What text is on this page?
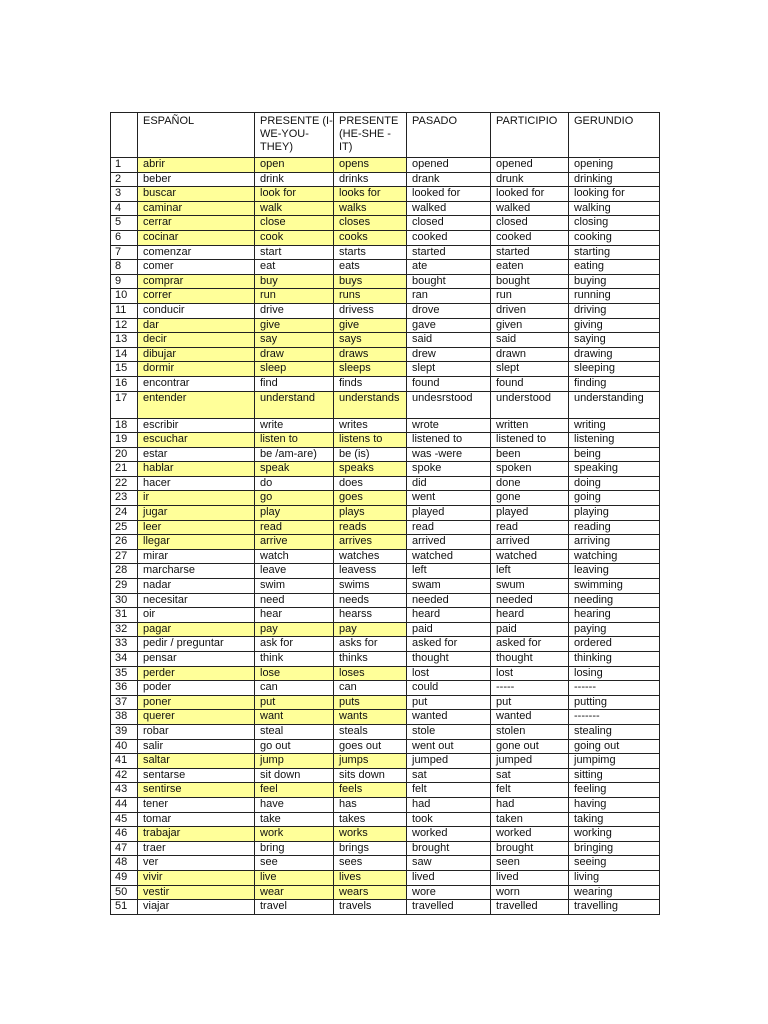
	ESPAÑOL	PRESENTE (I-WE-YOU-THEY)	PRESENTE (HE-SHE - IT)	PASADO	PARTICIPIO	GERUNDIO
1	abrir	open	opens	opened	opened	opening
2	beber	drink	drinks	drank	drunk	drinking
3	buscar	look for	looks for	looked for	looked for	looking for
4	caminar	walk	walks	walked	walked	walking
5	cerrar	close	closes	closed	closed	closing
6	cocinar	cook	cooks	cooked	cooked	cooking
7	comenzar	start	starts	started	started	starting
8	comer	eat	eats	ate	eaten	eating
9	comprar	buy	buys	bought	bought	buying
10	correr	run	runs	ran	run	running
11	conducir	drive	drivess	drove	driven	driving
12	dar	give	give	gave	given	giving
13	decir	say	says	said	said	saying
14	dibujar	draw	draws	drew	drawn	drawing
15	dormir	sleep	sleeps	slept	slept	sleeping
16	encontrar	find	finds	found	found	finding
17	entender	understand	understands	undesrstood	understood	understanding
18	escribir	write	writes	wrote	written	writing
19	escuchar	listen to	listens to	listened to	listened to	listening
20	estar	be /am-are)	be (is)	was -were	been	being
21	hablar	speak	speaks	spoke	spoken	speaking
22	hacer	do	does	did	done	doing
23	ir	go	goes	went	gone	going
24	jugar	play	plays	played	played	playing
25	leer	read	reads	read	read	reading
26	llegar	arrive	arrives	arrived	arrived	arriving
27	mirar	watch	watches	watched	watched	watching
28	marcharse	leave	leavess	left	left	leaving
29	nadar	swim	swims	swam	swum	swimming
30	necesitar	need	needs	needed	needed	needing
31	oir	hear	hearss	heard	heard	hearing
32	pagar	pay	pay	paid	paid	paying
33	pedir / preguntar	ask for	asks for	asked for	asked for	ordered
34	pensar	think	thinks	thought	thought	thinking
35	perder	lose	loses	lost	lost	losing
36	poder	can	can	could	-----	------
37	poner	put	puts	put	put	putting
38	querer	want	wants	wanted	wanted	-------
39	robar	steal	steals	stole	stolen	stealing
40	salir	go out	goes out	went out	gone out	going out
41	saltar	jump	jumps	jumped	jumped	jumpimg
42	sentarse	sit down	sits down	sat	sat	sitting
43	sentirse	feel	feels	felt	felt	feeling
44	tener	have	has	had	had	having
45	tomar	take	takes	took	taken	taking
46	trabajar	work	works	worked	worked	working
47	traer	bring	brings	brought	brought	bringing
48	ver	see	sees	saw	seen	seeing
49	vivir	live	lives	lived	lived	living
50	vestir	wear	wears	wore	worn	wearing
51	viajar	travel	travels	travelled	travelled	travelling
